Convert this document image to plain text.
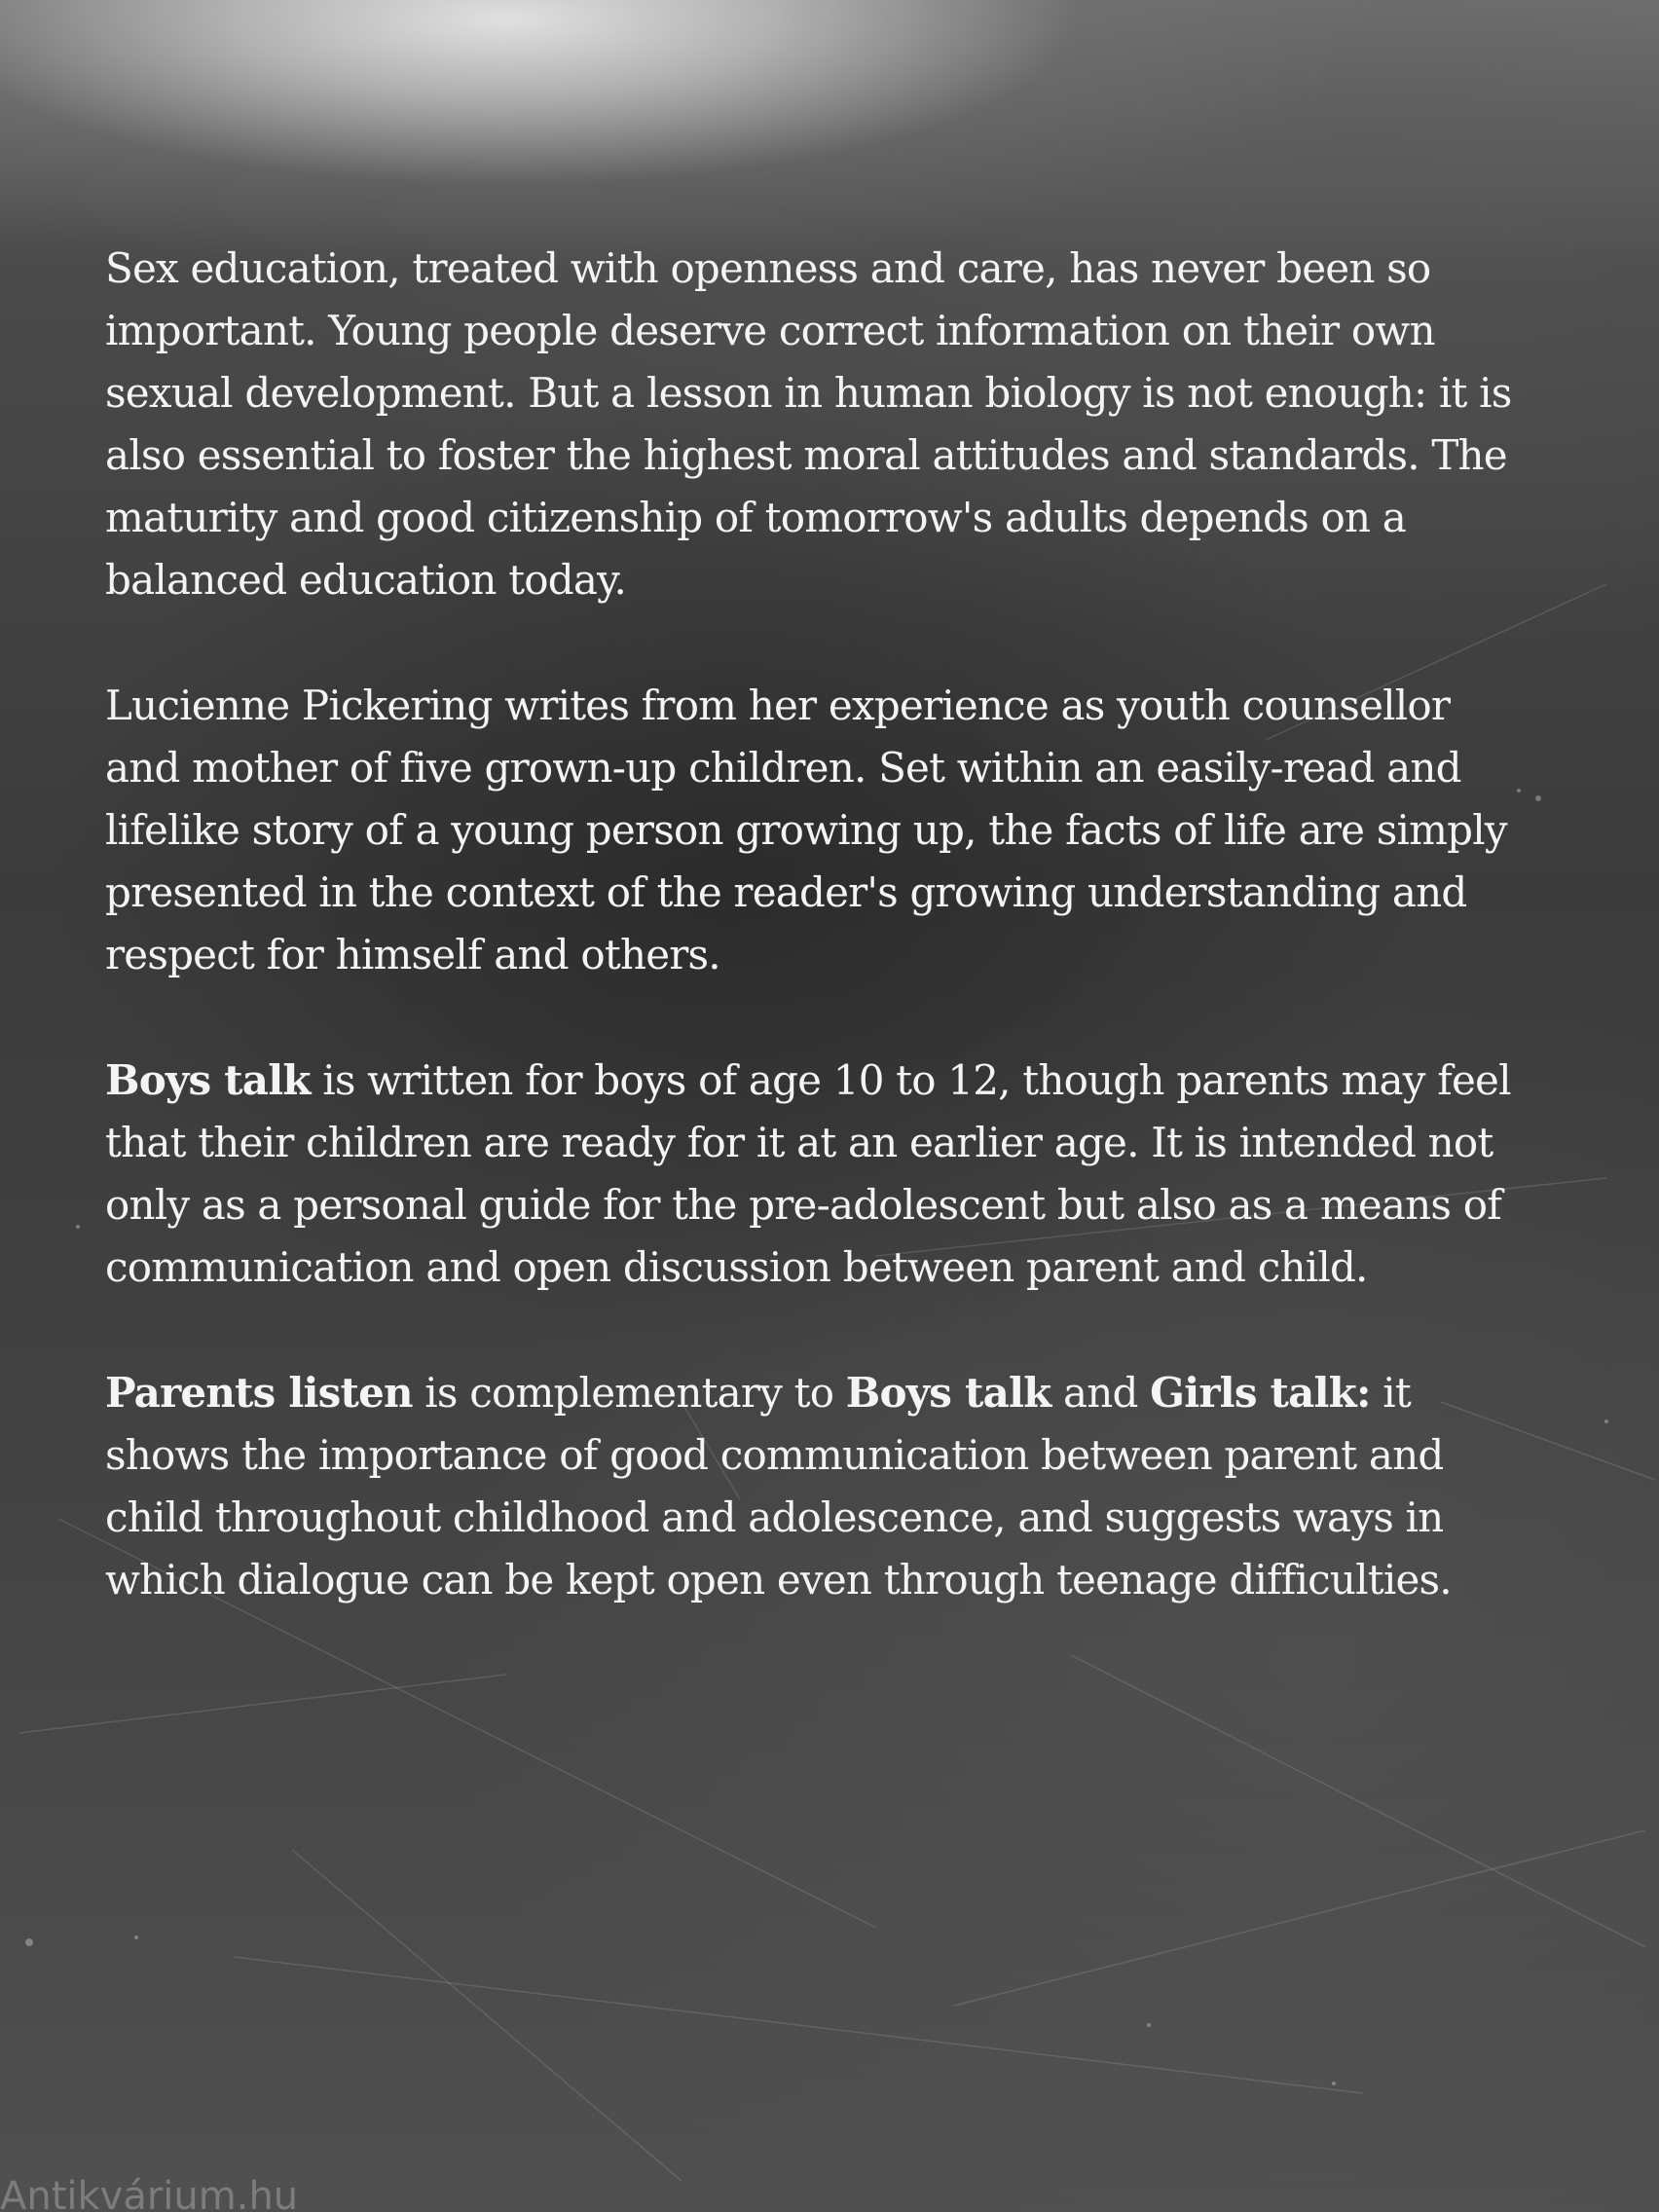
Sex education, treated with openness and care, has never been so important. Young people deserve correct information on their own sexual development. But a lesson in human biology is not enough: it is also essential to foster the highest moral attitudes and standards. The maturity and good citizenship of tomorrow's adults depends on a balanced education today.

Lucienne Pickering writes from her experience as youth counsellor and mother of five grown-up children. Set within an easily-read and lifelike story of a young person growing up, the facts of life are simply presented in the context of the reader's growing understanding and respect for himself and others.

Boys talk is written for boys of age 10 to 12, though parents may feel that their children are ready for it at an earlier age. It is intended not only as a personal guide for the pre-adolescent but also as a means of communication and open discussion between parent and child.

Parents listen is complementary to Boys talk and Girls talk: it shows the importance of good communication between parent and child throughout childhood and adolescence, and suggests ways in which dialogue can be kept open even through teenage difficulties.

Antikvárium.hu
